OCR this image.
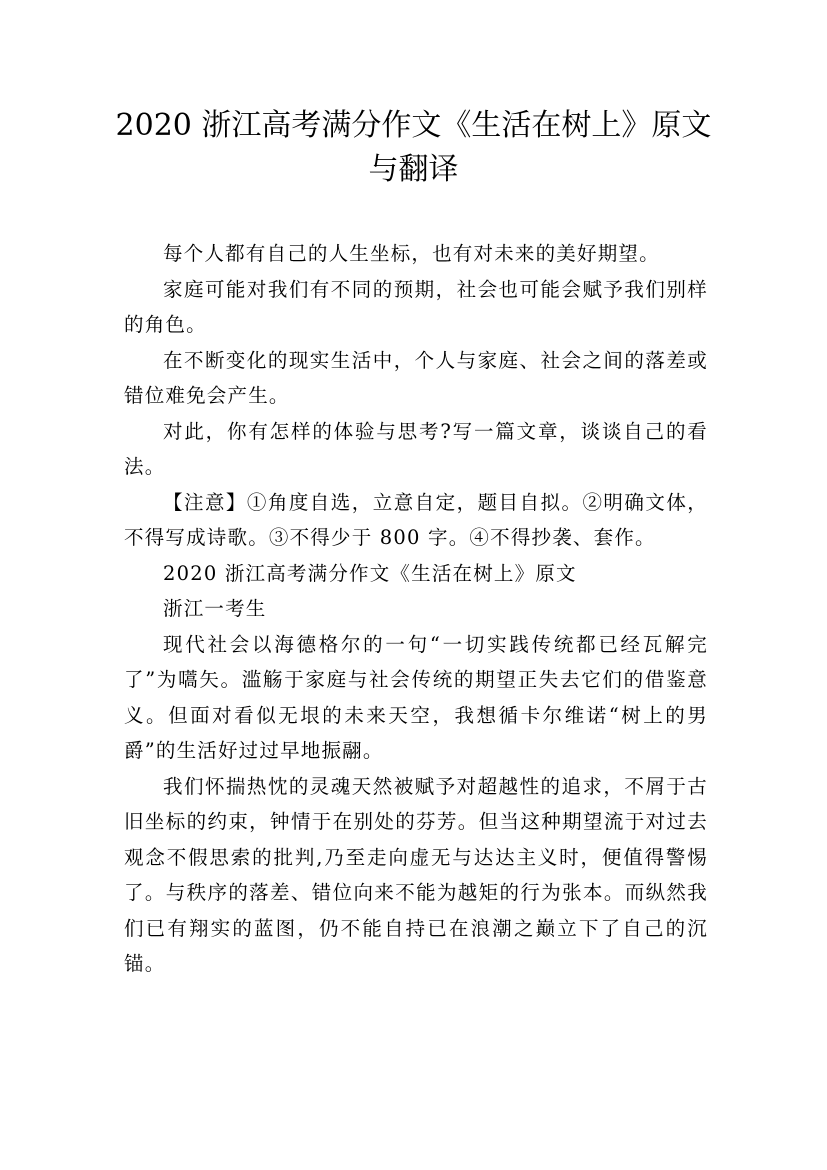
2020 浙江高考满分作文《生活在树上》原文与翻译

每个人都有自己的人生坐标，也有对未来的美好期望。

家庭可能对我们有不同的预期，社会也可能会赋予我们别样的角色。

在不断变化的现实生活中，个人与家庭、社会之间的落差或错位难免会产生。

对此，你有怎样的体验与思考?写一篇文章，谈谈自己的看法。

【注意】①角度自选，立意自定，题目自拟。②明确文体，不得写成诗歌。③不得少于 800 字。④不得抄袭、套作。

2020 浙江高考满分作文《生活在树上》原文

浙江一考生

现代社会以海德格尔的一句“一切实践传统都已经瓦解完了”为嚆矢。滥觞于家庭与社会传统的期望正失去它们的借鉴意义。但面对看似无垠的未来天空，我想循卡尔维诺“树上的男爵”的生活好过过早地振翮。

我们怀揣热忱的灵魂天然被赋予对超越性的追求，不屑于古旧坐标的约束，钟情于在别处的芬芳。但当这种期望流于对过去观念不假思索的批判,乃至走向虚无与达达主义时，便值得警惕了。与秩序的落差、错位向来不能为越矩的行为张本。而纵然我们已有翔实的蓝图，仍不能自持已在浪潮之巅立下了自己的沉锚。
